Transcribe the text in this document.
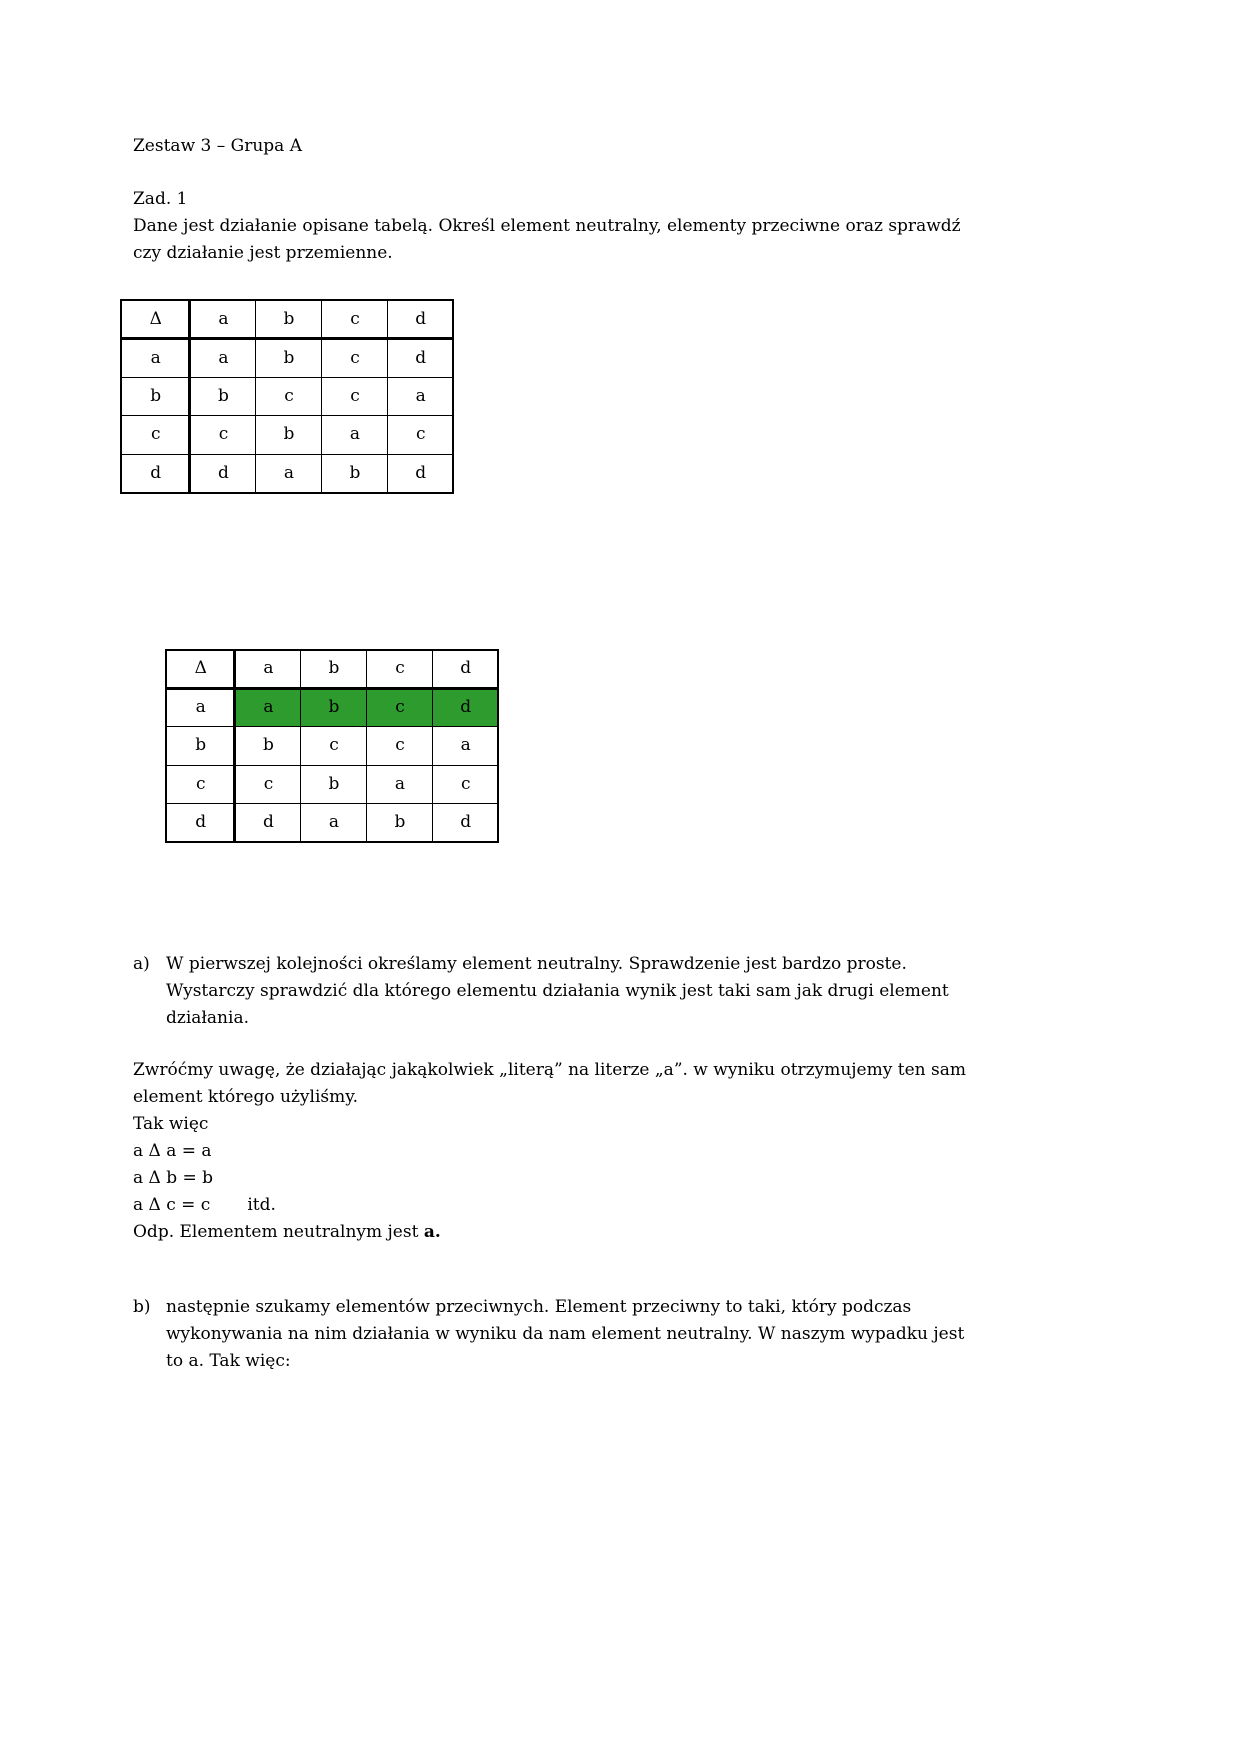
Zestaw 3 – Grupa A
Zad. 1
Dane jest działanie opisane tabelą. Określ element neutralny, elementy przeciwne oraz sprawdź czy działanie jest przemienne.
Δ	a	b	c	d
a	a	b	c	d
b	b	c	c	a
c	c	b	a	c
d	d	a	b	d
Δ	a	b	c	d
a	a	b	c	d
b	b	c	c	a
c	c	b	a	c
d	d	a	b	d
a) W pierwszej kolejności określamy element neutralny. Sprawdzenie jest bardzo proste. Wystarczy sprawdzić dla którego elementu działania wynik jest taki sam jak drugi element działania.
Zwróćmy uwagę, że działając jakąkolwiek „literą” na literze „a”. w wyniku otrzymujemy ten sam element którego użyliśmy.
Tak więc
a Δ a = a
a Δ b = b
a Δ c = c itd.
Odp. Elementem neutralnym jest a.
b) następnie szukamy elementów przeciwnych. Element przeciwny to taki, który podczas wykonywania na nim działania w wyniku da nam element neutralny. W naszym wypadku jest to a. Tak więc:
